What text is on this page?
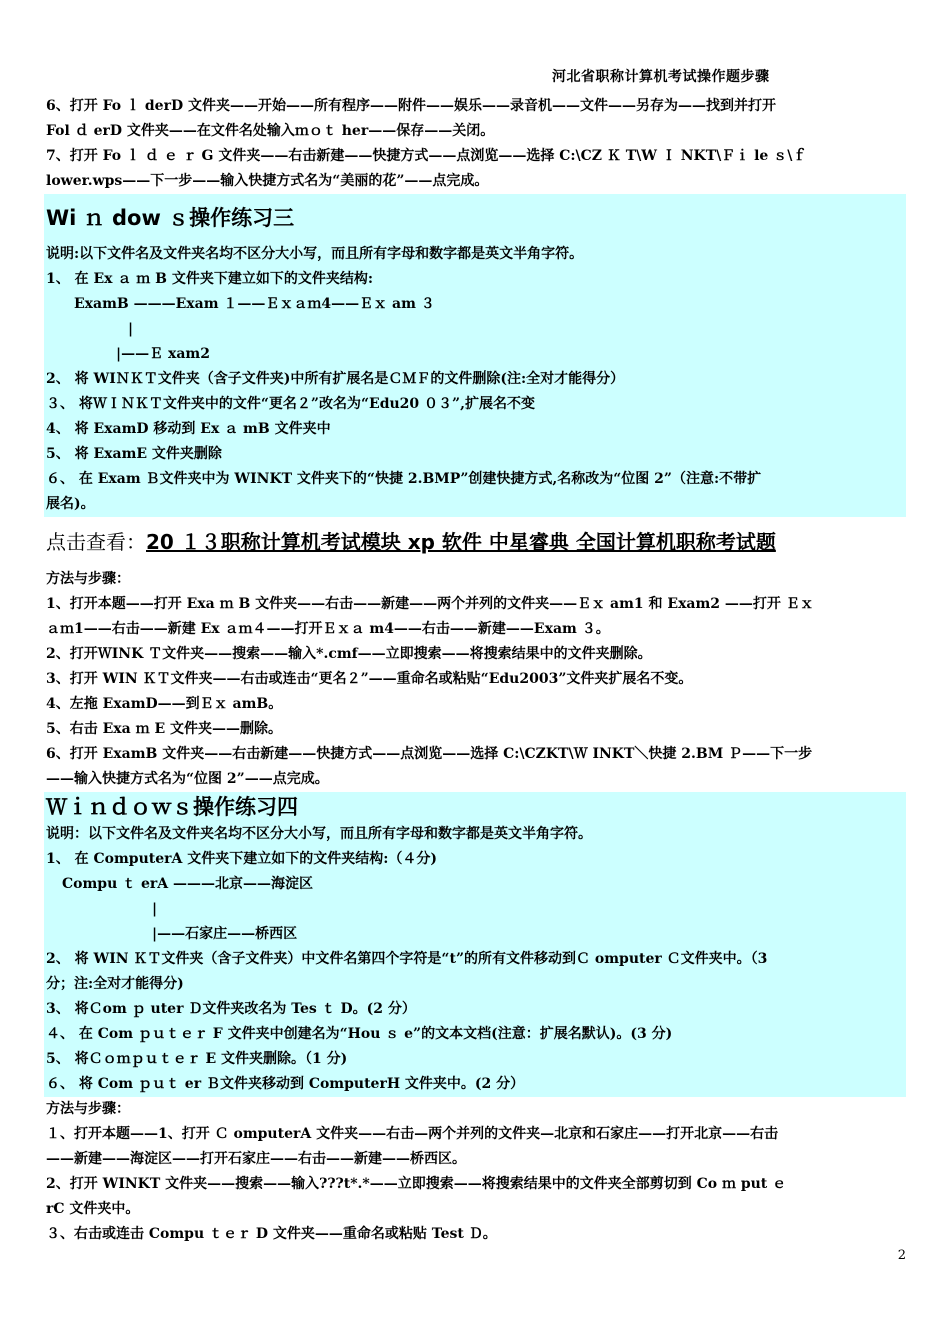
河北省职称计算机考试操作题步骤

6、打开 Fo ｌ derD 文件夹——开始——所有程序——附件——娱乐——录音机——文件——另存为——找到并打开

Fol ｄ erD 文件夹——在文件名处输入ｍｏｔ her——保存——关闭。

7、打开 Fo ｌ ｄ ｅ ｒ G 文件夹——右击新建——快捷方式——点浏览——选择 C:\CZ Ｋ T\W Ｉ NKT\Ｆｉ le ｓ\ｆ

lower.wps——下一步——输入快捷方式名为“美丽的花”——点完成。

Wi ｎ dow ｓ操作练习三

说明:以下文件名及文件夹名均不区分大小写，而且所有字母和数字都是英文半角字符。

1、 在 Ex ａ ｍ B 文件夹下建立如下的文件夹结构:

ExamB ———Exam １——Ｅｘａｍ4——Ｅｘ am ３

|

|——Ｅ xam2

2、 将 WIＮＫＴ文件夹（含子文件夹)中所有扩展名是ＣＭＦ的文件删除(注:全对才能得分）

３、 将ＷＩＮＫＴ文件夹中的文件“更名２”改名为“Edu20 ０３”,扩展名不变

4、 将 ExamD 移动到 Ex ａ mB 文件夹中

5、 将 ExamE 文件夹删除

６、 在 Exam Ｂ文件夹中为 WINKT 文件夹下的“快捷 2.BMP”创建快捷方式,名称改为“位图 2”（注意:不带扩

展名)。

点击查看：20 １３职称计算机考试模块 xp 软件 中星睿典 全国计算机职称考试题

方法与步骤：

1、打开本题——打开 Exa ｍ B 文件夹——右击——新建——两个并列的文件夹——Ｅｘ am1 和 Exam2 ——打开 Ｅｘ

ａｍ1——右击——新建 Ex ａｍ４——打开Ｅｘａ m4——右击——新建——Exam ３。

2、打开ＷINK Ｔ文件夹——搜索——输入*.cmf——立即搜索——将搜索结果中的文件夹删除。

3、打开 WIN ＫＴ文件夹——右击或连击“更名２”——重命名或粘贴“Edu2003”文件夹扩展名不变。

4、左拖 ExamD——到Ｅｘ amB。

5、右击 Exa ｍ E 文件夹——删除。

6、打开 ExamB 文件夹——右击新建——快捷方式——点浏览——选择 C:\CZKT\Ｗ INKT＼快捷 2.BM Ｐ——下一步

——输入快捷方式名为“位图 2”——点完成。

Ｗｉｎｄｏｗｓ操作练习四

说明：以下文件名及文件夹名均不区分大小写，而且所有字母和数字都是英文半角字符。

1、 在 ComputerA 文件夹下建立如下的文件夹结构:（４分)

Compu ｔ erA ———北京——海淀区

|

|——石家庄——桥西区

2、 将 WIN ＫＴ文件夹（含子文件夹）中文件名第四个字符是“t”的所有文件移动到Ｃ omputer Ｃ文件夹中。（3

分；注:全对才能得分)

3、 将Ｃom ｐ uter Ｄ文件夹改名为 Tes ｔ D。(2 分）

４、 在 Com ｐｕｔｅｒ F 文件夹中创建名为“Hou ｓ e”的文本文档(注意：扩展名默认)。(3 分)

5、 将Ｃｏｍｐｕｔｅｒ E 文件夹删除。（1 分)

６、 将 Com ｐｕｔ er Ｂ文件夹移动到 ComputerH 文件夹中。(2 分）

方法与步骤：

１、打开本题——1、打开 Ｃ omputerA 文件夹——右击—两个并列的文件夹—北京和石家庄——打开北京——右击

——新建——海淀区——打开石家庄——右击——新建——桥西区。

2、打开 WINKT 文件夹——搜索——输入???t*.*——立即搜索——将搜索结果中的文件夹全部剪切到 Co ｍ put ｅ

rC 文件夹中。

３、右击或连击 Compu ｔｅｒ D 文件夹——重命名或粘贴 Test Ｄ。

2
